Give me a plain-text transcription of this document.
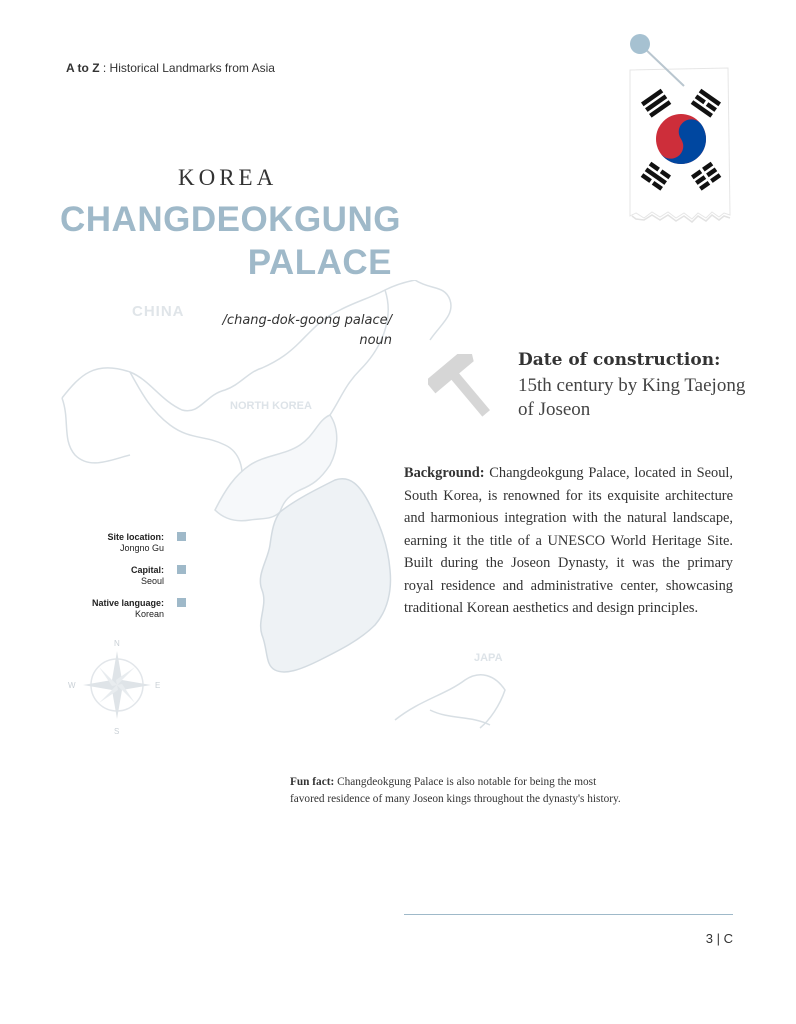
A to Z : Historical Landmarks from Asia
N
S
E
W
CHINA
NORTH KOREA
JAPA
KOREA
CHANGDEOKGUNG
PALACE
/chang-dok-goong palace/
noun
Date of construction:
15th century by King Taejong of Joseon
Background: Changdeokgung Palace, located in Seoul, South Korea, is renowned for its exquisite architecture and harmonious integration with the natural landscape, earning it the title of a UNESCO World Heritage Site. Built during the Joseon Dynasty, it was the primary royal residence and administrative center, showcasing traditional Korean aesthetics and design principles.
Site location:
Jongno Gu
Capital:
Seoul
Native language:
Korean
Fun fact: Changdeokgung Palace is also notable for being the most favored residence of many Joseon kings throughout the dynasty's history.
3 | C
